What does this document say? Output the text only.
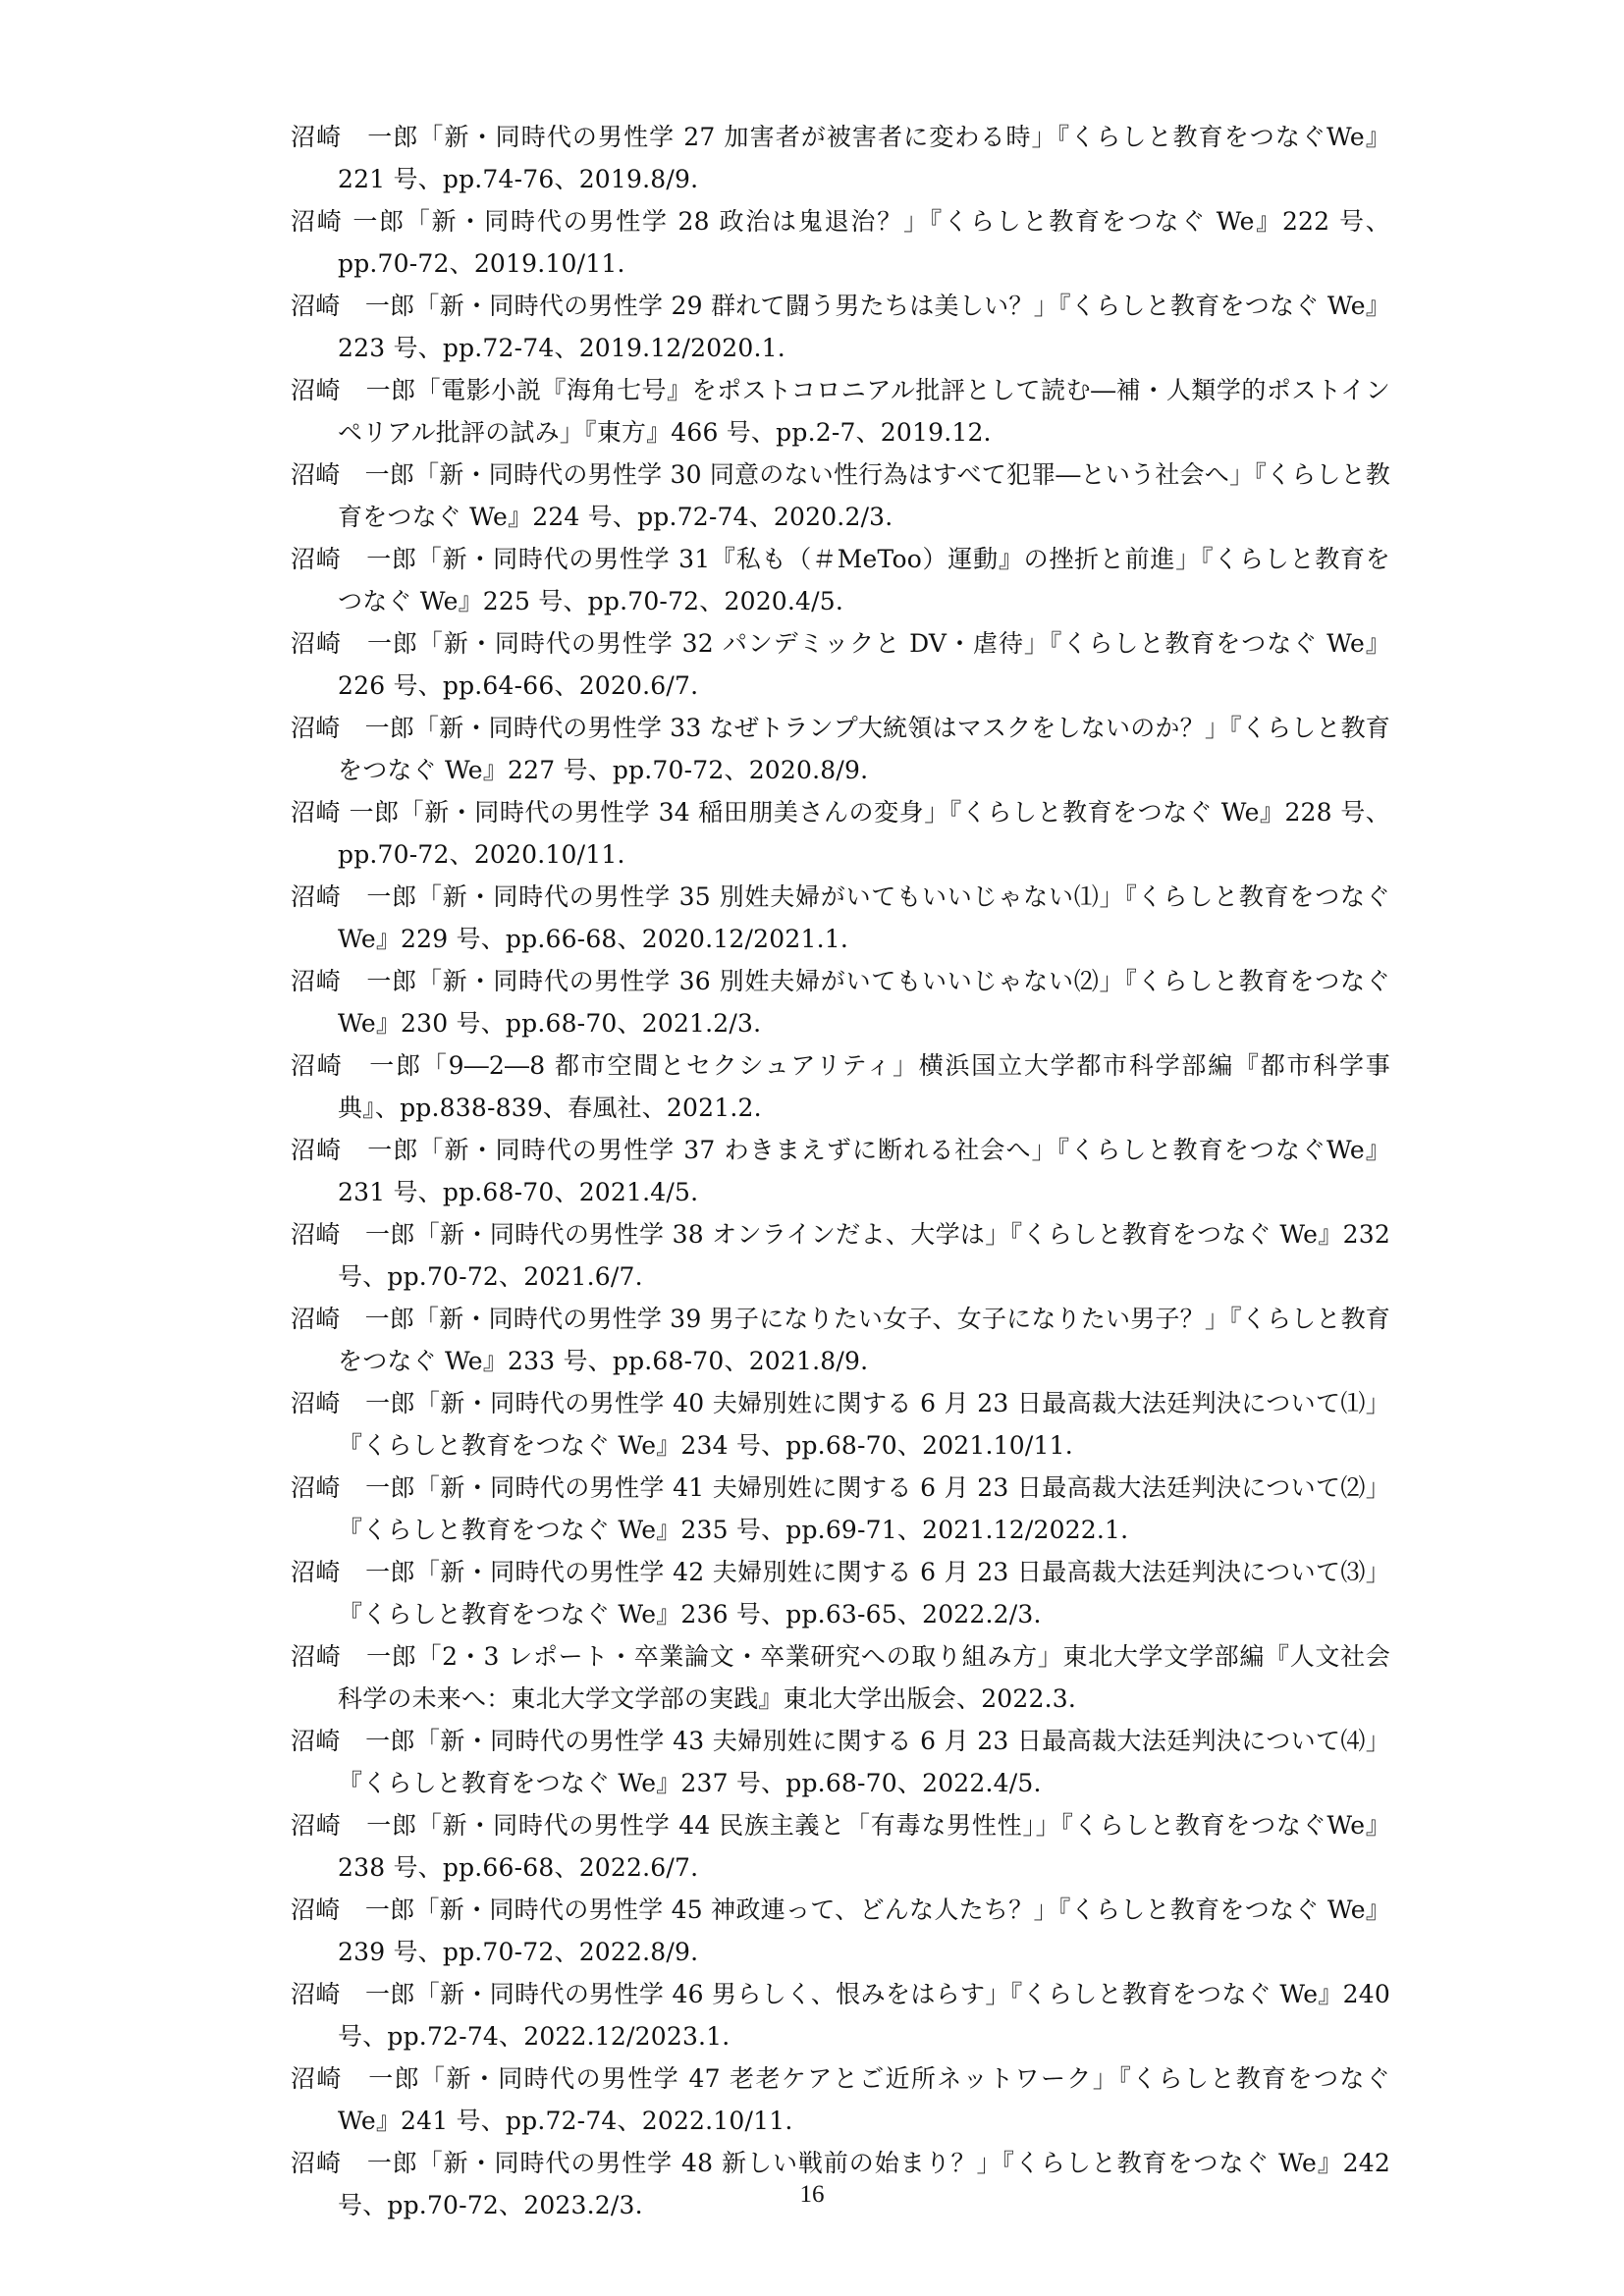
沼崎　一郎「新・同時代の男性学 27 加害者が被害者に変わる時」『くらしと教育をつなぐWe』221 号、pp.74-76、2019.8/9.
沼崎 一郎「新・同時代の男性学 28 政治は鬼退治？」『くらしと教育をつなぐ We』222 号、pp.70-72、2019.10/11.
沼崎　一郎「新・同時代の男性学 29 群れて闘う男たちは美しい？」『くらしと教育をつなぐ We』223 号、pp.72-74、2019.12/2020.1.
沼崎　一郎「電影小説『海角七号』をポストコロニアル批評として読む―補・人類学的ポストインペリアル批評の試み」『東方』466 号、pp.2-7、2019.12.
沼崎　一郎「新・同時代の男性学 30 同意のない性行為はすべて犯罪―という社会へ」『くらしと教育をつなぐ We』224 号、pp.72-74、2020.2/3.
沼崎　一郎「新・同時代の男性学 31『私も（＃MeToo）運動』の挫折と前進」『くらしと教育をつなぐ We』225 号、pp.70-72、2020.4/5.
沼崎　一郎「新・同時代の男性学 32 パンデミックと DV・虐待」『くらしと教育をつなぐ We』226 号、pp.64-66、2020.6/7.
沼崎　一郎「新・同時代の男性学 33 なぜトランプ大統領はマスクをしないのか？」『くらしと教育をつなぐ We』227 号、pp.70-72、2020.8/9.
沼崎 一郎「新・同時代の男性学 34 稲田朋美さんの変身」『くらしと教育をつなぐ We』228 号、pp.70-72、2020.10/11.
沼崎　一郎「新・同時代の男性学 35 別姓夫婦がいてもいいじゃない⑴」『くらしと教育をつなぐ We』229 号、pp.66-68、2020.12/2021.1.
沼崎　一郎「新・同時代の男性学 36 別姓夫婦がいてもいいじゃない⑵」『くらしと教育をつなぐ We』230 号、pp.68-70、2021.2/3.
沼崎　一郎「9―2―8 都市空間とセクシュアリティ」横浜国立大学都市科学部編『都市科学事典』、pp.838-839、春風社、2021.2.
沼崎　一郎「新・同時代の男性学 37 わきまえずに断れる社会へ」『くらしと教育をつなぐWe』231 号、pp.68-70、2021.4/5.
沼崎　一郎「新・同時代の男性学 38 オンラインだよ、大学は」『くらしと教育をつなぐ We』232 号、pp.70-72、2021.6/7.
沼崎　一郎「新・同時代の男性学 39 男子になりたい女子、女子になりたい男子？」『くらしと教育をつなぐ We』233 号、pp.68-70、2021.8/9.
沼崎　一郎「新・同時代の男性学 40 夫婦別姓に関する 6 月 23 日最高裁大法廷判決について⑴」『くらしと教育をつなぐ We』234 号、pp.68-70、2021.10/11.
沼崎　一郎「新・同時代の男性学 41 夫婦別姓に関する 6 月 23 日最高裁大法廷判決について⑵」『くらしと教育をつなぐ We』235 号、pp.69-71、2021.12/2022.1.
沼崎　一郎「新・同時代の男性学 42 夫婦別姓に関する 6 月 23 日最高裁大法廷判決について⑶」『くらしと教育をつなぐ We』236 号、pp.63-65、2022.2/3.
沼崎　一郎「2・3 レポート・卒業論文・卒業研究への取り組み方」東北大学文学部編『人文社会科学の未来へ：東北大学文学部の実践』東北大学出版会、2022.3.
沼崎　一郎「新・同時代の男性学 43 夫婦別姓に関する 6 月 23 日最高裁大法廷判決について⑷」『くらしと教育をつなぐ We』237 号、pp.68-70、2022.4/5.
沼崎　一郎「新・同時代の男性学 44 民族主義と「有毒な男性性」」『くらしと教育をつなぐWe』238 号、pp.66-68、2022.6/7.
沼崎　一郎「新・同時代の男性学 45 神政連って、どんな人たち？」『くらしと教育をつなぐ We』239 号、pp.70-72、2022.8/9.
沼崎　一郎「新・同時代の男性学 46 男らしく、恨みをはらす」『くらしと教育をつなぐ We』240 号、pp.72-74、2022.12/2023.1.
沼崎　一郎「新・同時代の男性学 47 老老ケアとご近所ネットワーク」『くらしと教育をつなぐ We』241 号、pp.72-74、2022.10/11.
沼崎　一郎「新・同時代の男性学 48 新しい戦前の始まり？」『くらしと教育をつなぐ We』242 号、pp.70-72、2023.2/3.	16
